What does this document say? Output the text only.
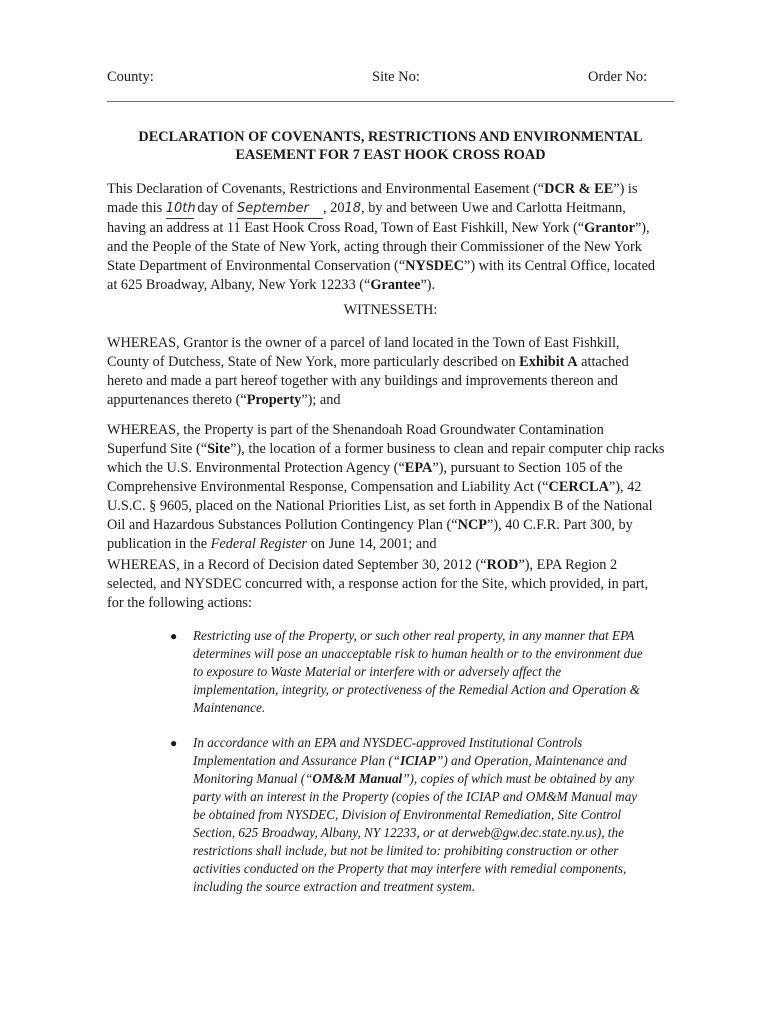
County:	Site No:	Order No:
DECLARATION OF COVENANTS, RESTRICTIONS AND ENVIRONMENTAL
EASEMENT FOR 7 EAST HOOK CROSS ROAD
This Declaration of Covenants, Restrictions and Environmental Easement (“DCR & EE”) is
made this 10th day of September , 2018, by and between Uwe and Carlotta Heitmann,
having an address at 11 East Hook Cross Road, Town of East Fishkill, New York (“Grantor”),
and the People of the State of New York, acting through their Commissioner of the New York
State Department of Environmental Conservation (“NYSDEC”) with its Central Office, located
at 625 Broadway, Albany, New York 12233 (“Grantee”).
WITNESSETH:
WHEREAS, Grantor is the owner of a parcel of land located in the Town of East Fishkill,
County of Dutchess, State of New York, more particularly described on Exhibit A attached
hereto and made a part hereof together with any buildings and improvements thereon and
appurtenances thereto (“Property”); and
WHEREAS, the Property is part of the Shenandoah Road Groundwater Contamination
Superfund Site (“Site”), the location of a former business to clean and repair computer chip racks
which the U.S. Environmental Protection Agency (“EPA”), pursuant to Section 105 of the
Comprehensive Environmental Response, Compensation and Liability Act (“CERCLA”), 42
U.S.C. § 9605, placed on the National Priorities List, as set forth in Appendix B of the National
Oil and Hazardous Substances Pollution Contingency Plan (“NCP”), 40 C.F.R. Part 300, by
publication in the Federal Register on June 14, 2001; and
WHEREAS, in a Record of Decision dated September 30, 2012 (“ROD”), EPA Region 2
selected, and NYSDEC concurred with, a response action for the Site, which provided, in part,
for the following actions:
● Restricting use of the Property, or such other real property, in any manner that EPA
determines will pose an unacceptable risk to human health or to the environment due
to exposure to Waste Material or interfere with or adversely affect the
implementation, integrity, or protectiveness of the Remedial Action and Operation &
Maintenance.
● In accordance with an EPA and NYSDEC-approved Institutional Controls
Implementation and Assurance Plan (“ICIAP”) and Operation, Maintenance and
Monitoring Manual (“OM&M Manual”), copies of which must be obtained by any
party with an interest in the Property (copies of the ICIAP and OM&M Manual may
be obtained from NYSDEC, Division of Environmental Remediation, Site Control
Section, 625 Broadway, Albany, NY 12233, or at derweb@gw.dec.state.ny.us), the
restrictions shall include, but not be limited to: prohibiting construction or other
activities conducted on the Property that may interfere with remedial components,
including the source extraction and treatment system.
